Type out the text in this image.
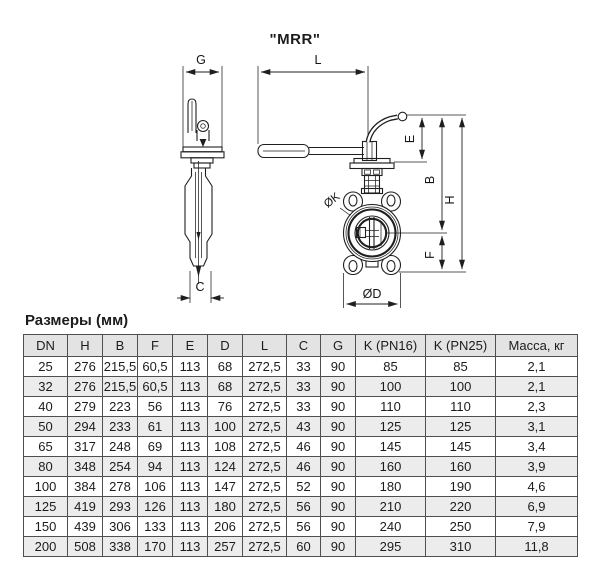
"MRR"
G
C
L
ØK
ØD
E
B
F
H
Размеры (мм)
DN	H	B	F	E	D	L	C	G	K (PN16)	K (PN25)	Масса, кг
25	276	215,5	60,5	113	68	272,5	33	90	85	85	2,1
32	276	215,5	60,5	113	68	272,5	33	90	100	100	2,1
40	279	223	56	113	76	272,5	33	90	110	110	2,3
50	294	233	61	113	100	272,5	43	90	125	125	3,1
65	317	248	69	113	108	272,5	46	90	145	145	3,4
80	348	254	94	113	124	272,5	46	90	160	160	3,9
100	384	278	106	113	147	272,5	52	90	180	190	4,6
125	419	293	126	113	180	272,5	56	90	210	220	6,9
150	439	306	133	113	206	272,5	56	90	240	250	7,9
200	508	338	170	113	257	272,5	60	90	295	310	11,8
